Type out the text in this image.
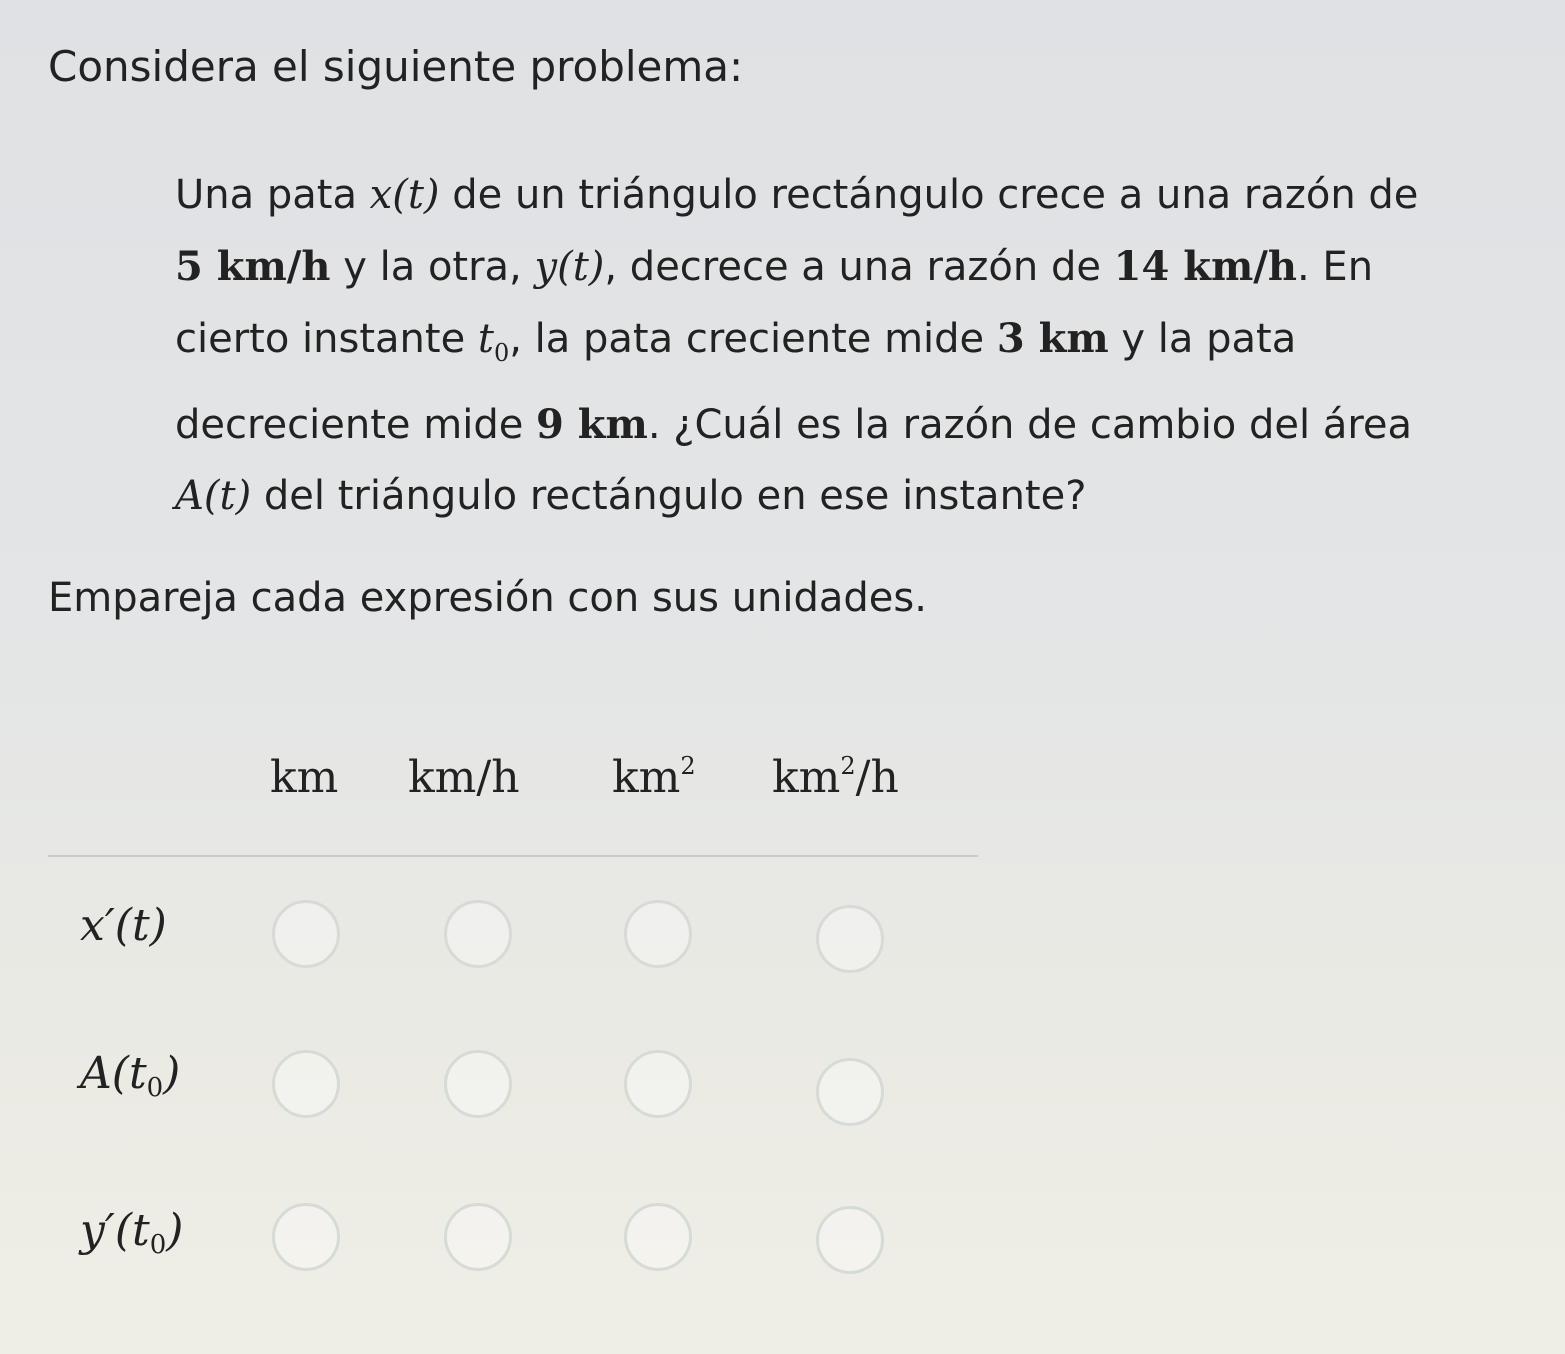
Considera el siguiente problema:

Una pata x(t) de un triángulo rectángulo crece a una razón de
5 km/h y la otra, y(t), decrece a una razón de 14 km/h. En
cierto instante $t_0$, la pata creciente mide 3 km y la pata
decreciente mide 9 km. ¿Cuál es la razón de cambio del área
A(t) del triángulo rectángulo en ese instante?

Empareja cada expresión con sus unidades.

km km/h $km^2$ $km^2/h$
x′(t)
$A(t_0)$
$y'(t_0)$
